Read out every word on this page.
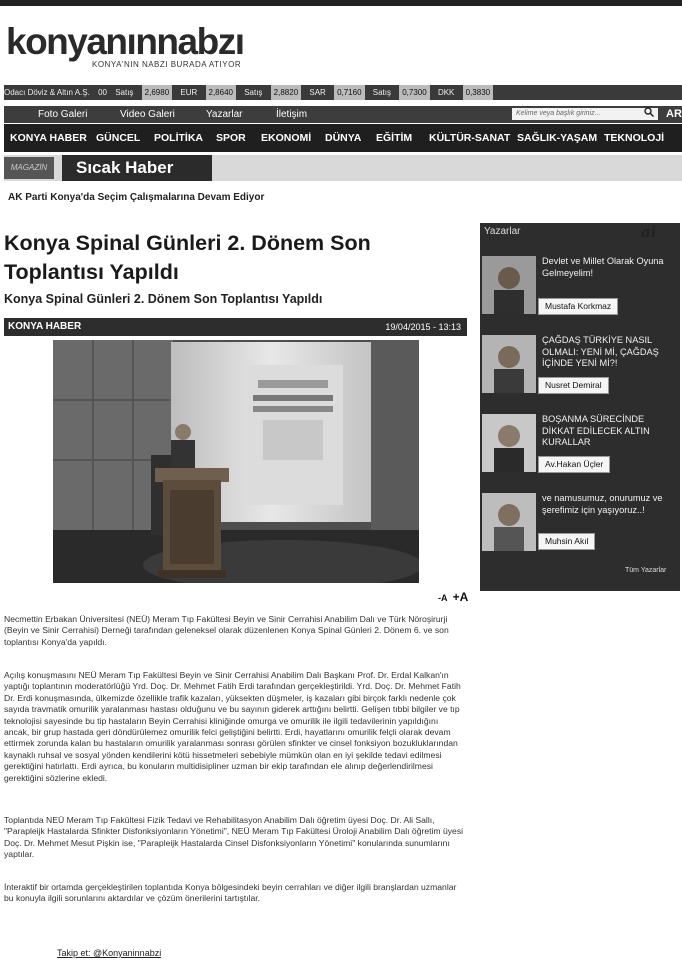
konyanınnabzı
KONYA'NIN NABZI BURADA ATIYOR
Odacı Döviz & Altın A.Ş. 00 Satış 2,6980 EUR 2,8640 Satış 2,8820 SAR 0,7160 Satış 0,7300 DKK 0,3830
Foto Galeri	Video Galeri	Yazarlar	İletişim	Kelime veya başlık giriniz...	AR
KONYA HABER GÜNCEL POLİTİKA SPOR EKONOMİ DÜNYA EĞİTİM KÜLTÜR-SANAT SAĞLIK-YAŞAM TEKNOLOJİ
MAGAZİN	Sıcak Haber
AK Parti Konya'da Seçim Çalışmalarına Devam Ediyor
Konya Spinal Günleri 2. Dönem Son Toplantısı Yapıldı
Konya Spinal Günleri 2. Dönem Son Toplantısı Yapıldı
KONYA HABER	19/04/2015 - 13:13
-A +A
Necmettin Erbakan Üniversitesi (NEÜ) Meram Tıp Fakültesi Beyin ve Sinir Cerrahisi Anabilim Dalı ve Türk Nöroşirurji (Beyin ve Sinir Cerrahisi) Derneği tarafından geleneksel olarak düzenlenen Konya Spinal Günleri 2. Dönem 6. ve son toplantısı Konya'da yapıldı.
Açılış konuşmasını NEÜ Meram Tıp Fakültesi Beyin ve Sinir Cerrahisi Anabilim Dalı Başkanı Prof. Dr. Erdal Kalkan'ın yaptığı toplantının moderatörlüğü Yrd. Doç. Dr. Mehmet Fatih Erdi tarafından gerçekleştirildi. Yrd. Doç. Dr. Mehmet Fatih Dr. Erdi konuşmasında, ülkemizde özellikle trafik kazaları, yüksekten düşmeler, iş kazaları gibi birçok farklı nedenle çok sayıda travmatik omurilik yaralanması hastası olduğunu ve bu sayının giderek arttığını belirtti. Gelişen tıbbi bilgiler ve tıp teknolojisi sayesinde bu tip hastaların Beyin Cerrahisi kliniğinde omurga ve omurilik ile ilgili tedavilerinin yapıldığını ancak, bir grup hastada geri döndürülemez omurilik felci geliştiğini belirtti. Erdi, hayatlarını omurilik felçli olarak devam ettirmek zorunda kalan bu hastaların omurilik yaralanması sonrası görülen sfinkter ve cinsel fonksiyon bozukluklarından kaynaklı ruhsal ve sosyal yönden kendilerini kötü hissetmeleri sebebiyle mümkün olan en iyi şekilde tedavi edilmesi gerektiğini hatırlattı. Erdi ayrıca, bu konuların multidisipliner uzman bir ekip tarafından ele alınıp değerlendirilmesi gerektiğini sözlerine ekledi.
Toplantıda NEÜ Meram Tıp Fakültesi Fizik Tedavi ve Rehabilitasyon Anabilim Dalı öğretim üyesi Doç. Dr. Ali Sallı, "Parapleijk Hastalarda Sfinkter Disfonksiyonların Yönetimi", NEÜ Meram Tıp Fakültesi Üroloji Anabilim Dalı öğretim üyesi Doç. Dr. Mehmet Mesut Pişkin ise, "Parapleijk Hastalarda Cinsel Disfonksiyonların Yönetimi" konularında sunumlarını yaptılar.
İnteraktif bir ortamda gerçekleştirilen toplantıda Konya bölgesindeki beyin cerrahları ve diğer ilgili branşlardan uzmanlar bu konuyla ilgili sorunlarını aktardılar ve çözüm önerilerini tartıştılar.
Takip et: @Konyaninnabzi
Yazarlar	ai
Devlet ve Millet Olarak Oyuna Gelmeyelim!
Mustafa Korkmaz
ÇAĞDAŞ TÜRKİYE NASIL OLMALI: YENİ Mİ, ÇAĞDAŞ İÇİNDE YENİ Mİ?!
Nusret Demiral
BOŞANMA SÜRECİNDE DİKKAT EDİLECEK ALTIN KURALLAR
Av.Hakan Üçler
ve namusumuz, onurumuz ve şerefimiz için yaşıyoruz..!
Muhsin Akıl
Tüm Yazarlar
